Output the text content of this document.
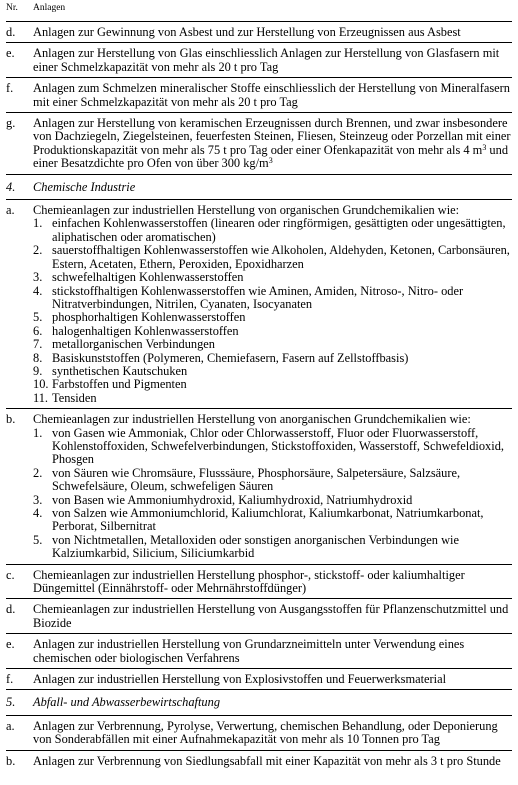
Nr.	Anlagen
d.	Anlagen zur Gewinnung von Asbest und zur Herstellung von Erzeugnissen aus Asbest
e.	Anlagen zur Herstellung von Glas einschliesslich Anlagen zur Herstellung von Glasfasern mit einer Schmelzkapazität von mehr als 20 t pro Tag
f.	Anlagen zum Schmelzen mineralischer Stoffe einschliesslich der Herstellung von Mineralfasern mit einer Schmelzkapazität von mehr als 20 t pro Tag
g.	Anlagen zur Herstellung von keramischen Erzeugnissen durch Brennen, und zwar insbesondere von Dachziegeln, Ziegelsteinen, feuerfesten Steinen, Fliesen, Steinzeug oder Porzellan mit einer Produktionskapazität von mehr als 75 t pro Tag oder einer Ofenkapazität von mehr als 4 $m^3$ und einer Besatzdichte pro Ofen von über 300 $kg/m^3$
4.	Chemische Industrie
a.	Chemieanlagen zur industriellen Herstellung von organischen Grundchemikalien wie:
1. einfachen Kohlenwasserstoffen (linearen oder ringförmigen, gesättigten oder ungesättigten, aliphatischen oder aromatischen)
2. sauerstoffhaltigen Kohlenwasserstoffen wie Alkoholen, Aldehyden, Ketonen, Carbonsäuren, Estern, Acetaten, Ethern, Peroxiden, Epoxidharzen
3. schwefelhaltigen Kohlenwasserstoffen
4. stickstoffhaltigen Kohlenwasserstoffen wie Aminen, Amiden, Nitroso-, Nitro- oder Nitratverbindungen, Nitrilen, Cyanaten, Isocyanaten
5. phosphorhaltigen Kohlenwasserstoffen
6. halogenhaltigen Kohlenwasserstoffen
7. metallorganischen Verbindungen
8. Basiskunststoffen (Polymeren, Chemiefasern, Fasern auf Zellstoffbasis)
9. synthetischen Kautschuken
10. Farbstoffen und Pigmenten
11. Tensiden
b.	Chemieanlagen zur industriellen Herstellung von anorganischen Grundchemikalien wie:
1. von Gasen wie Ammoniak, Chlor oder Chlorwasserstoff, Fluor oder Fluorwasserstoff, Kohlenstoffoxiden, Schwefelverbindungen, Stickstoffoxiden, Wasserstoff, Schwefeldioxid, Phosgen
2. von Säuren wie Chromsäure, Flusssäure, Phosphorsäure, Salpetersäure, Salzsäure, Schwefelsäure, Oleum, schwefeligen Säuren
3. von Basen wie Ammoniumhydroxid, Kaliumhydroxid, Natriumhydroxid
4. von Salzen wie Ammoniumchlorid, Kaliumchlorat, Kaliumkarbonat, Natriumkarbonat, Perborat, Silbernitrat
5. von Nichtmetallen, Metalloxiden oder sonstigen anorganischen Verbindungen wie Kalziumkarbid, Silicium, Siliciumkarbid
c.	Chemieanlagen zur industriellen Herstellung phosphor-, stickstoff- oder kaliumhaltiger Düngemittel (Einnährstoff- oder Mehrnährstoffdünger)
d.	Chemieanlagen zur industriellen Herstellung von Ausgangsstoffen für Pflanzenschutzmittel und Biozide
e.	Anlagen zur industriellen Herstellung von Grundarzneimitteln unter Verwendung eines chemischen oder biologischen Verfahrens
f.	Anlagen zur industriellen Herstellung von Explosivstoffen und Feuerwerksmaterial
5.	Abfall- und Abwasserbewirtschaftung
a.	Anlagen zur Verbrennung, Pyrolyse, Verwertung, chemischen Behandlung, oder Deponierung von Sonderabfällen mit einer Aufnahmekapazität von mehr als 10 Tonnen pro Tag
b.	Anlagen zur Verbrennung von Siedlungsabfall mit einer Kapazität von mehr als 3 t pro Stunde
